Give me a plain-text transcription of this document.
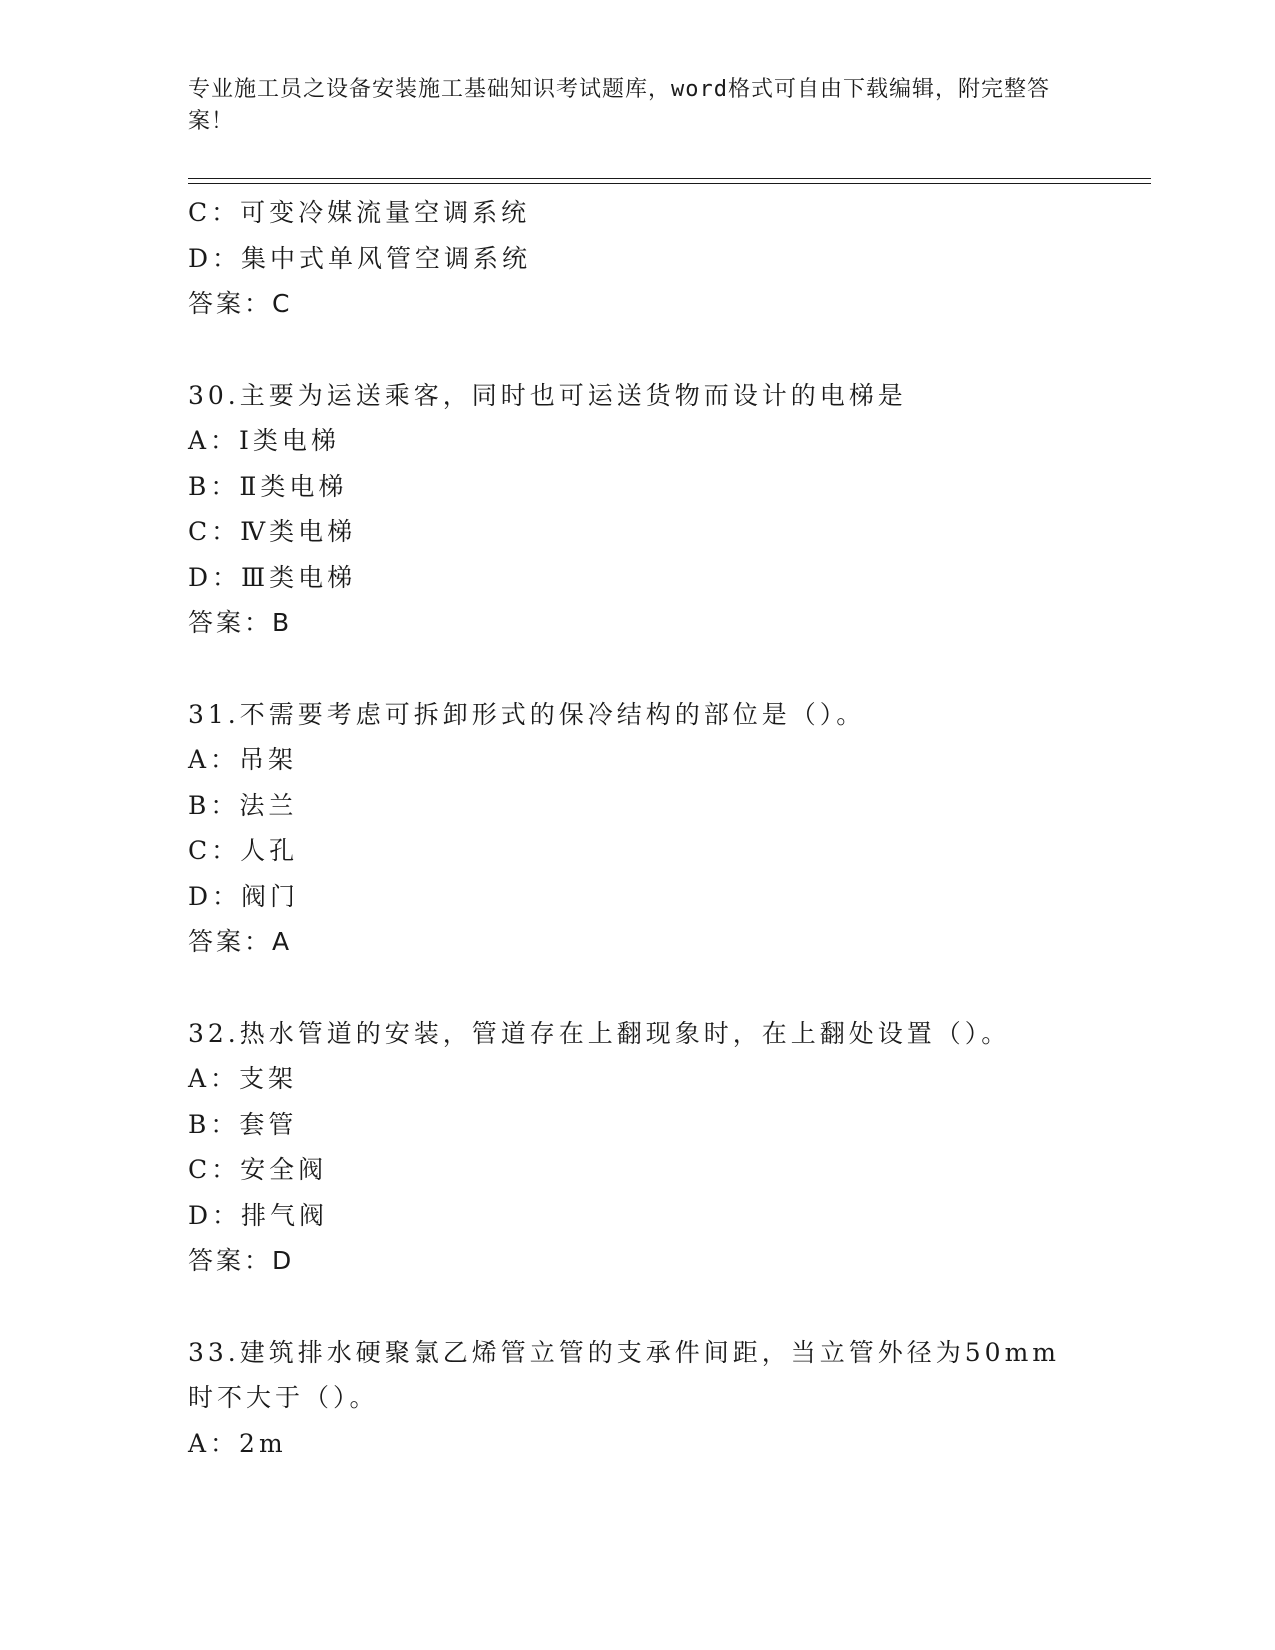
专业施工员之设备安装施工基础知识考试题库，word格式可自由下载编辑，附完整答案！
C：可变冷媒流量空调系统
D：集中式单风管空调系统
答案：C
30.主要为运送乘客，同时也可运送货物而设计的电梯是
A：Ⅰ类电梯
B：Ⅱ类电梯
C：Ⅳ类电梯
D：Ⅲ类电梯
答案：B
31.不需要考虑可拆卸形式的保冷结构的部位是（）。
A：吊架
B：法兰
C：人孔
D：阀门
答案：A
32.热水管道的安装，管道存在上翻现象时，在上翻处设置（）。
A：支架
B：套管
C：安全阀
D：排气阀
答案：D
33.建筑排水硬聚氯乙烯管立管的支承件间距，当立管外径为50mm时不大于（）。
A：2m
